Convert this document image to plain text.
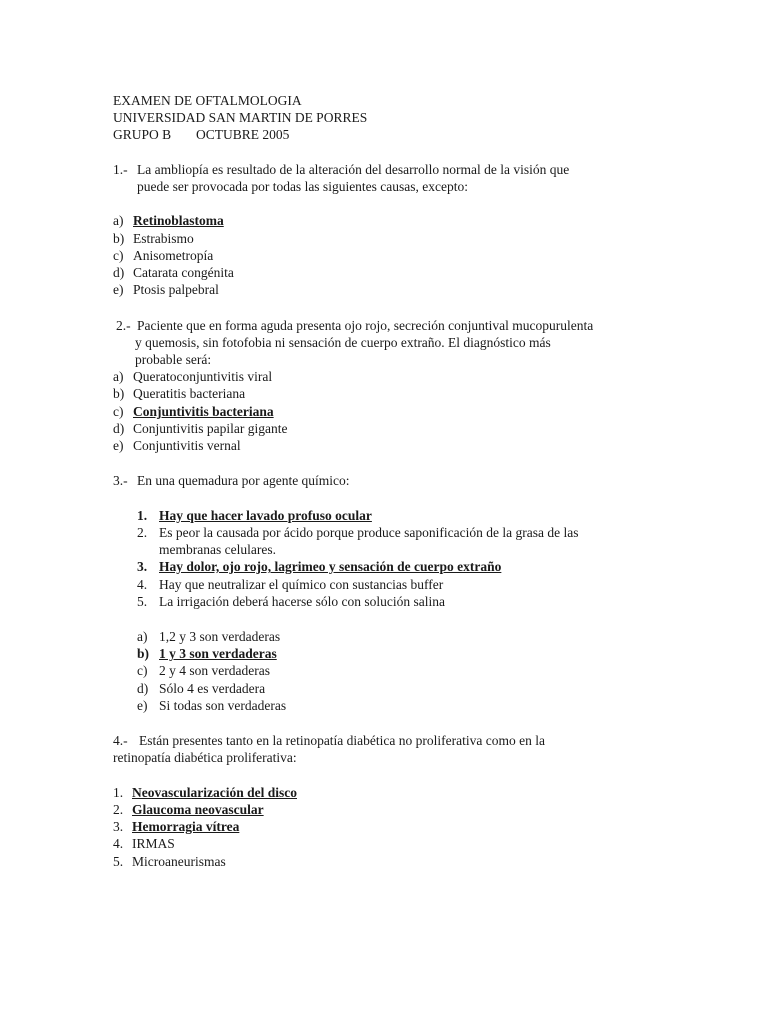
EXAMEN DE OFTALMOLOGIA
UNIVERSIDAD SAN MARTIN DE PORRES
GRUPO B OCTUBRE 2005
1.- La ambliopía es resultado de la alteración del desarrollo normal de la visión que
puede ser provocada por todas las siguientes causas, excepto:
a) Retinoblastoma
b) Estrabismo
c) Anisometropía
d) Catarata congénita
e) Ptosis palpebral
2.- Paciente que en forma aguda presenta ojo rojo, secreción conjuntival mucopurulenta
y quemosis, sin fotofobia ni sensación de cuerpo extraño. El diagnóstico más
probable será:
a) Queratoconjuntivitis viral
b) Queratitis bacteriana
c) Conjuntivitis bacteriana
d) Conjuntivitis papilar gigante
e) Conjuntivitis vernal
3.- En una quemadura por agente químico:
1. Hay que hacer lavado profuso ocular
2. Es peor la causada por ácido porque produce saponificación de la grasa de las
membranas celulares.
3. Hay dolor, ojo rojo, lagrimeo y sensación de cuerpo extraño
4. Hay que neutralizar el químico con sustancias buffer
5. La irrigación deberá hacerse sólo con solución salina
a) 1,2 y 3 son verdaderas
b) 1 y 3 son verdaderas
c) 2 y 4 son verdaderas
d) Sólo 4 es verdadera
e) Si todas son verdaderas
4.- Están presentes tanto en la retinopatía diabética no proliferativa como en la
retinopatía diabética proliferativa:
1. Neovascularización del disco
2. Glaucoma neovascular
3. Hemorragia vítrea
4. IRMAS
5. Microaneurismas
